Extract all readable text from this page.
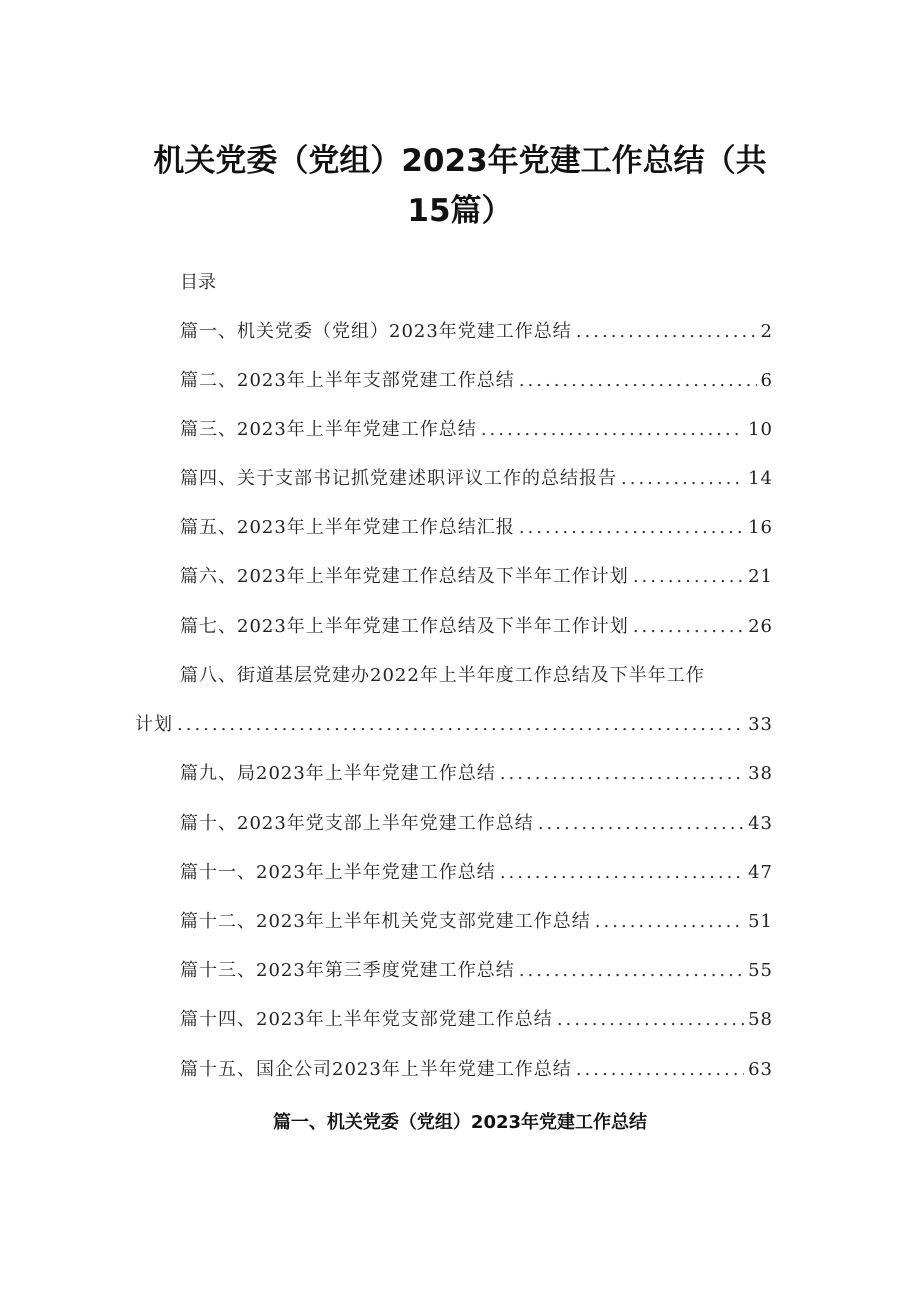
机关党委（党组）2023年党建工作总结（共
15篇）
目录
篇一、机关党委（党组）2023年党建工作总结 .....	2
篇二、2023年上半年支部党建工作总结 .....	6
篇三、2023年上半年党建工作总结 .....	10
篇四、关于支部书记抓党建述职评议工作的总结报告 .....	14
篇五、2023年上半年党建工作总结汇报 .....	16
篇六、2023年上半年党建工作总结及下半年工作计划 .....	21
篇七、2023年上半年党建工作总结及下半年工作计划 .....	26
篇八、街道基层党建办2022年上半年度工作总结及下半年工作
计划 .....	33
篇九、局2023年上半年党建工作总结 .....	38
篇十、2023年党支部上半年党建工作总结 .....	43
篇十一、2023年上半年党建工作总结 .....	47
篇十二、2023年上半年机关党支部党建工作总结 .....	51
篇十三、2023年第三季度党建工作总结 .....	55
篇十四、2023年上半年党支部党建工作总结 .....	58
篇十五、国企公司2023年上半年党建工作总结 .....	63
篇一、机关党委（党组）2023年党建工作总结
